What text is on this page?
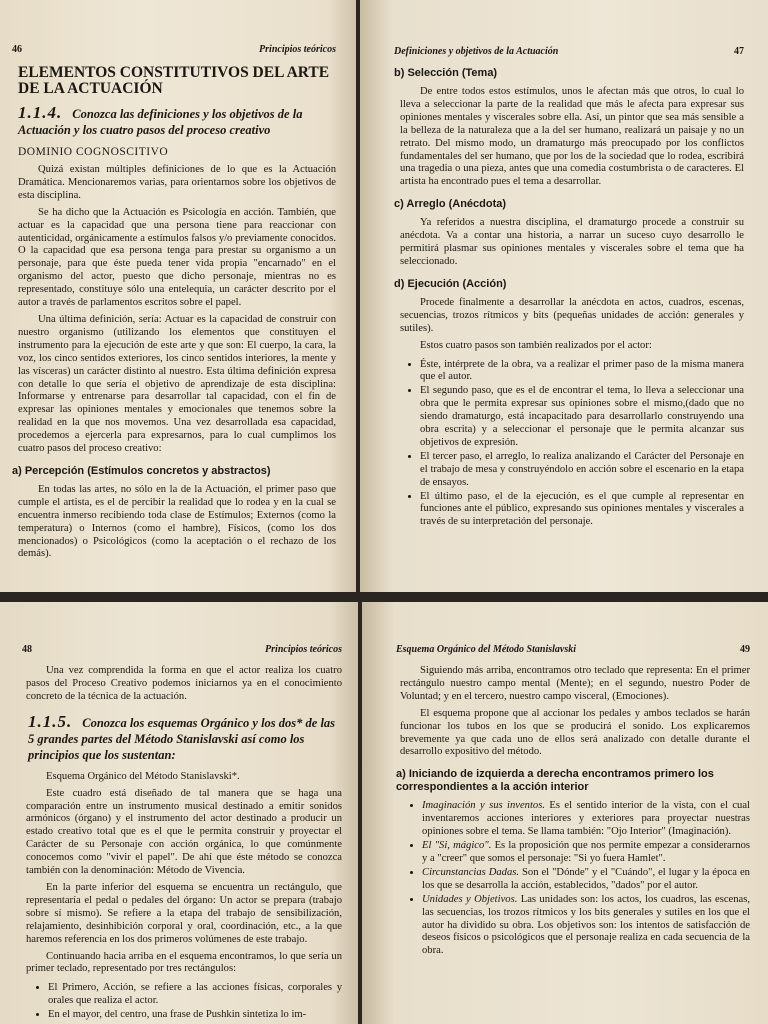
46	Principios teóricos
ELEMENTOS CONSTITUTIVOS DEL ARTE DE LA ACTUACIÓN
1.1.4. Conozca las definiciones y los objetivos de la Actuación y los cuatro pasos del proceso creativo
DOMINIO COGNOSCITIVO

Quizá existan múltiples definiciones de lo que es la Actuación Dramática. Mencionaremos varias, para orientarnos sobre los objetivos de esta disciplina.

Se ha dicho que la Actuación es Psicología en acción. También, que actuar es la capacidad que una persona tiene para reaccionar con autenticidad, orgánicamente a estímulos falsos y/o previamente conocidos. O la capacidad que esa persona tenga para prestar su organismo a un personaje, para que éste pueda tener vida propia "encarnado" en el organismo del actor, puesto que dicho personaje, mientras no es representado, constituye sólo una entelequia, un carácter descrito por el autor a través de parlamentos escritos sobre el papel.

Una última definición, sería: Actuar es la capacidad de construir con nuestro organismo (utilizando los elementos que constituyen el instrumento para la ejecución de este arte y que son: El cuerpo, la cara, la voz, los cinco sentidos exteriores, los cinco sentidos interiores, la mente y las vísceras) un carácter distinto al nuestro. Esta última definición expresa con detalle lo que sería el objetivo de aprendizaje de esta disciplina: Informarse y entrenarse para desarrollar tal capacidad, con el fin de expresar las opiniones mentales y emocionales que tenemos sobre la realidad en la que nos movemos. Una vez desarrollada esa capacidad, procedemos a ejercerla para expresarnos, para lo cual cumplimos los cuatro pasos del proceso creativo:

a) Percepción (Estímulos concretos y abstractos)

En todas las artes, no sólo en la de la Actuación, el primer paso que cumple el artista, es el de percibir la realidad que lo rodea y en la cual se encuentra inmerso recibiendo toda clase de Estímulos; Externos (como la temperatura) o Internos (como el hambre), Físicos, (como los dos mencionados) o Psicológicos (como la aceptación o el rechazo de los demás).

Definiciones y objetivos de la Actuación	47
b) Selección (Tema)

De entre todos estos estímulos, unos le afectan más que otros, lo cual lo lleva a seleccionar la parte de la realidad que más le afecta para expresar sus opiniones mentales y viscerales sobre ella. Así, un pintor que sea más sensible a la belleza de la naturaleza que a la del ser humano, realizará un paisaje y no un retrato. Del mismo modo, un dramaturgo más preocupado por los conflictos fundamentales del ser humano, que por los de la sociedad que lo rodea, escribirá una tragedia o una pieza, antes que una comedia costumbrista o de caracteres. El artista ha encontrado pues el tema a desarrollar.

c) Arreglo (Anécdota)

Ya referidos a nuestra disciplina, el dramaturgo procede a construir su anécdota. Va a contar una historia, a narrar un suceso cuyo desarrollo le permitirá plasmar sus opiniones mentales y viscerales sobre el tema que ha seleccionado.

d) Ejecución (Acción)

Procede finalmente a desarrollar la anécdota en actos, cuadros, escenas, secuencias, trozos rítmicos y bits (pequeñas unidades de acción: generales y sutiles).

Estos cuatro pasos son también realizados por el actor:

• Éste, intérprete de la obra, va a realizar el primer paso de la misma manera que el autor.
• El segundo paso, que es el de encontrar el tema, lo lleva a seleccionar una obra que le permita expresar sus opiniones sobre el mismo,(dado que no siendo dramaturgo, está incapacitado para desarrollarlo construyendo una obra escrita) y a seleccionar el personaje que le permita alcanzar sus objetivos de expresión.
• El tercer paso, el arreglo, lo realiza analizando el Carácter del Personaje en el trabajo de mesa y construyéndolo en acción sobre el escenario en la etapa de ensayos.
• El último paso, el de la ejecución, es el que cumple al representar en funciones ante el público, expresando sus opiniones mentales y viscerales a través de su interpretación del personaje.
48	Principios teóricos

Una vez comprendida la forma en que el actor realiza los cuatro pasos del Proceso Creativo podemos iniciarnos ya en el conocimiento concreto de la técnica de la actuación.

1.1.5. Conozca los esquemas Orgánico y los dos* de las 5 grandes partes del Método Stanislavski así como los principios que los sustentan:

Esquema Orgánico del Método Stanislavski*.

Este cuadro está diseñado de tal manera que se haga una comparación entre un instrumento musical destinado a emitir sonidos armónicos (órgano) y el instrumento del actor destinado a producir un estado creativo total que es el que le permita construir y proyectar el Carácter de su Personaje con acción orgánica, lo que comúnmente conocemos como "vivir el papel". De ahí que éste método se conozca también con la denominación: Método de Vivencia.

En la parte inferior del esquema se encuentra un rectángulo, que representaría el pedal o pedales del órgano: Un actor se prepara (trabajo sobre sí mismo). Se refiere a la etapa del trabajo de sensibilización, relajamiento, desinhibición corporal y oral, coordinación, etc., a la que haremos referencia en los dos primeros volúmenes de este trabajo.

Continuando hacia arriba en el esquema encontramos, lo que sería un primer teclado, representado por tres rectángulos:

• El Primero, Acción, se refiere a las acciones físicas, corporales y orales que realiza el actor.
• En el mayor, del centro, una frase de Pushkin sintetiza lo im-
Esquema Orgánico del Método Stanislavski	49

Siguiendo más arriba, encontramos otro teclado que representa: En el primer rectángulo nuestro campo mental (Mente); en el segundo, nuestro Poder de Voluntad; y en el tercero, nuestro campo visceral, (Emociones).

El esquema propone que al accionar los pedales y ambos teclados se harán funcionar los tubos en los que se producirá el sonido. Los explicaremos brevemente ya que cada uno de ellos será analizado con detalle durante el desarrollo expositivo del método.

a) Iniciando de izquierda a derecha encontramos primero los correspondientes a la acción interior
• Imaginación y sus inventos. Es el sentido interior de la vista, con el cual inventaremos acciones interiores y exteriores para proyectar nuestras opiniones sobre el tema. Se llama también: "Ojo Interior" (Imaginación).
• El "Si, mágico". Es la proposición que nos permite empezar a considerarnos y a "creer" que somos el personaje: "Si yo fuera Hamlet".
• Circunstancias Dadas. Son el "Dónde" y el "Cuándo", el lugar y la época en los que se desarrolla la acción, establecidos, "dados" por el autor.
• Unidades y Objetivos. Las unidades son: los actos, los cuadros, las escenas, las secuencias, los trozos rítmicos y los bits generales y sutiles en los que el autor ha dividido su obra. Los objetivos son: los intentos de satisfacción de deseos físicos o psicológicos que el personaje realiza en cada secuencia de la obra.
